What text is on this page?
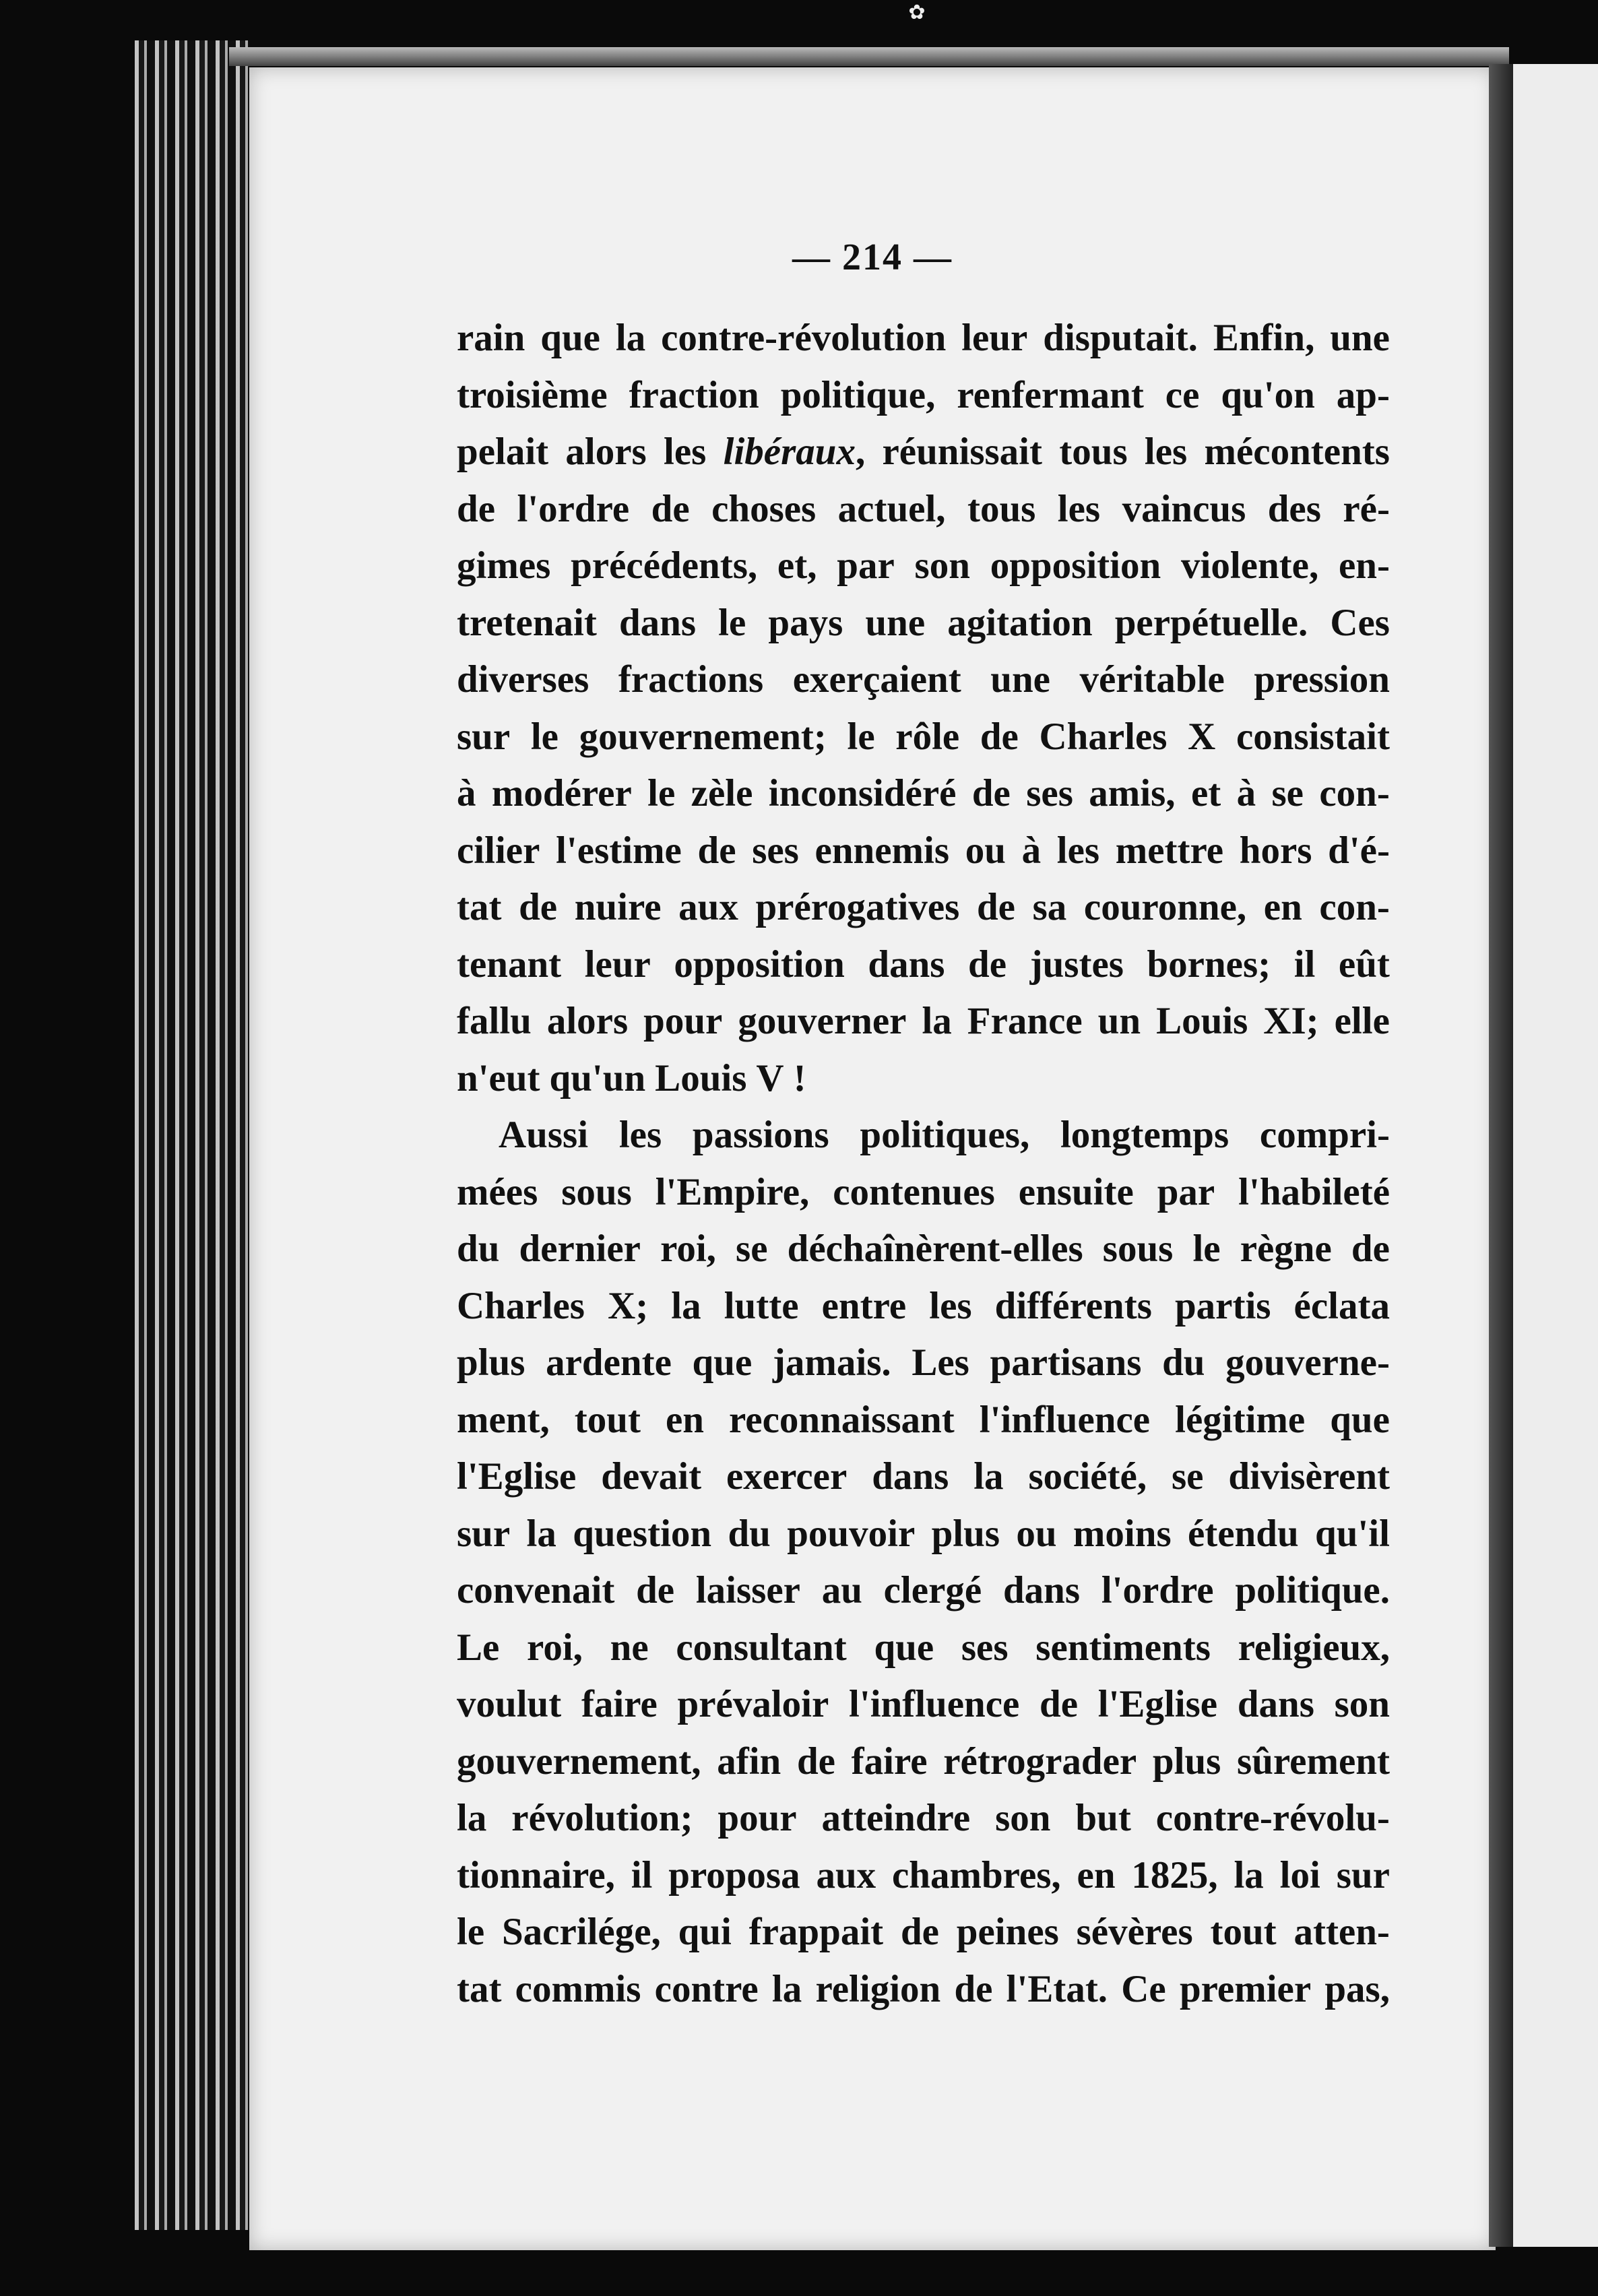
✿
— 214 —
rain que la contre-révolution leur disputait. Enfin, une
troisième fraction politique, renfermant ce qu'on ap-
pelait alors les libéraux, réunissait tous les mécontents
de l'ordre de choses actuel, tous les vaincus des ré-
gimes précédents, et, par son opposition violente, en-
tretenait dans le pays une agitation perpétuelle. Ces
diverses fractions exerçaient une véritable pression
sur le gouvernement; le rôle de Charles X consistait
à modérer le zèle inconsidéré de ses amis, et à se con-
cilier l'estime de ses ennemis ou à les mettre hors d'é-
tat de nuire aux prérogatives de sa couronne, en con-
tenant leur opposition dans de justes bornes; il eût
fallu alors pour gouverner la France un Louis XI; elle
n'eut qu'un Louis V !
Aussi les passions politiques, longtemps compri-
mées sous l'Empire, contenues ensuite par l'habileté
du dernier roi, se déchaînèrent-elles sous le règne de
Charles X; la lutte entre les différents partis éclata
plus ardente que jamais. Les partisans du gouverne-
ment, tout en reconnaissant l'influence légitime que
l'Eglise devait exercer dans la société, se divisèrent
sur la question du pouvoir plus ou moins étendu qu'il
convenait de laisser au clergé dans l'ordre politique.
Le roi, ne consultant que ses sentiments religieux,
voulut faire prévaloir l'influence de l'Eglise dans son
gouvernement, afin de faire rétrograder plus sûrement
la révolution; pour atteindre son but contre-révolu-
tionnaire, il proposa aux chambres, en 1825, la loi sur
le Sacrilége, qui frappait de peines sévères tout atten-
tat commis contre la religion de l'Etat. Ce premier pas,
